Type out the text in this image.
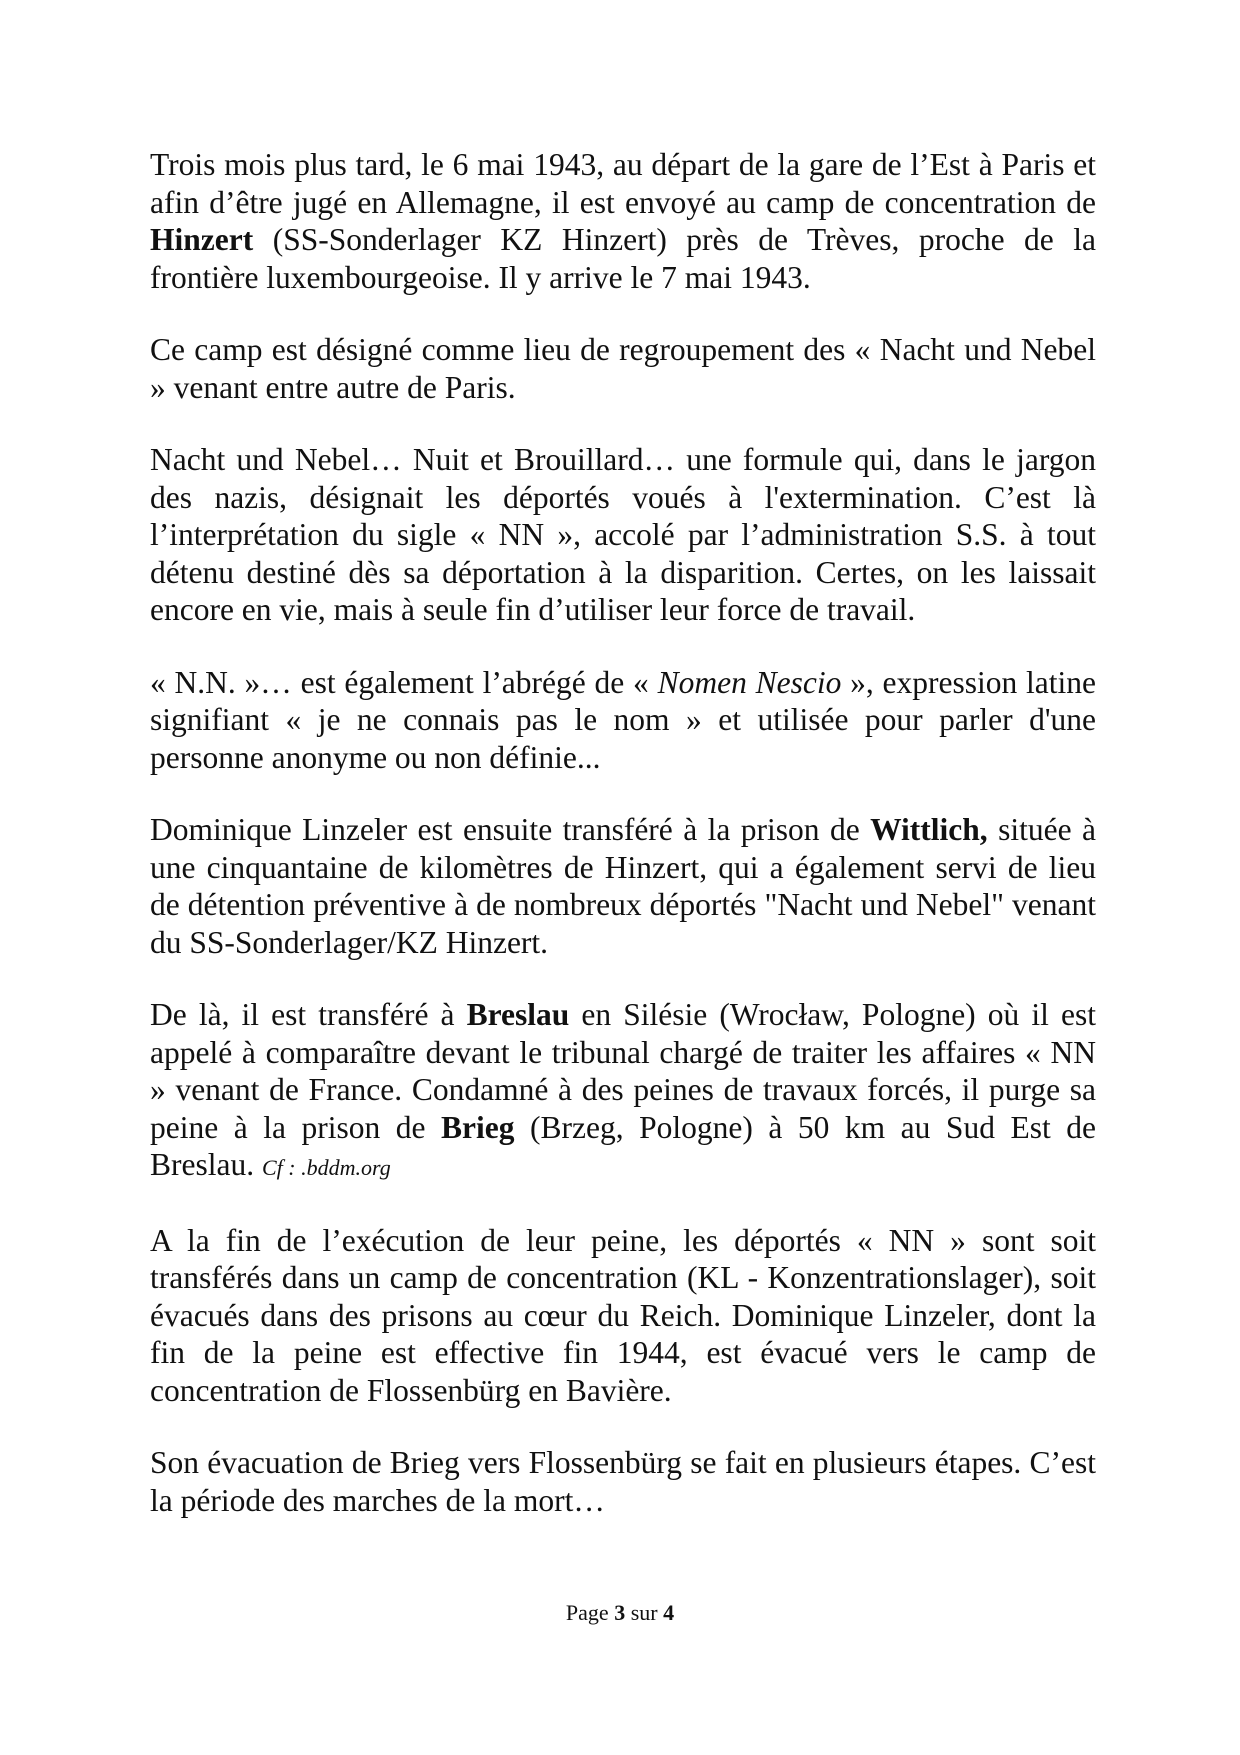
Trois mois plus tard, le 6 mai 1943, au départ de la gare de l’Est à Paris et afin d’être jugé en Allemagne, il est envoyé au camp de concentration de Hinzert (SS-Sonderlager KZ Hinzert) près de Trèves, proche de la frontière luxembourgeoise. Il y arrive le 7 mai 1943.

Ce camp est désigné comme lieu de regroupement des « Nacht und Nebel » venant entre autre de Paris.

Nacht und Nebel… Nuit et Brouillard… une formule qui, dans le jargon des nazis, désignait les déportés voués à l'extermination. C’est là l’interprétation du sigle « NN », accolé par l’administration S.S. à tout détenu destiné dès sa déportation à la disparition. Certes, on les laissait encore en vie, mais à seule fin d’utiliser leur force de travail.

« N.N. »… est également l’abrégé de « Nomen Nescio », expression latine signifiant « je ne connais pas le nom » et utilisée pour parler d'une personne anonyme ou non définie...

Dominique Linzeler est ensuite transféré à la prison de Wittlich, située à une cinquantaine de kilomètres de Hinzert, qui a également servi de lieu de détention préventive à de nombreux déportés "Nacht und Nebel" venant du SS-Sonderlager/KZ Hinzert.

De là, il est transféré à Breslau en Silésie (Wrocław, Pologne) où il est appelé à comparaître devant le tribunal chargé de traiter les affaires « NN » venant de France. Condamné à des peines de travaux forcés, il purge sa peine à la prison de Brieg (Brzeg, Pologne) à 50 km au Sud Est de Breslau. Cf : .bddm.org

A la fin de l’exécution de leur peine, les déportés « NN » sont soit transférés dans un camp de concentration (KL - Konzentrationslager), soit évacués dans des prisons au cœur du Reich. Dominique Linzeler, dont la fin de la peine est effective fin 1944, est évacué vers le camp de concentration de Flossenbürg en Bavière.

Son évacuation de Brieg vers Flossenbürg se fait en plusieurs étapes. C’est la période des marches de la mort…

Page 3 sur 4
